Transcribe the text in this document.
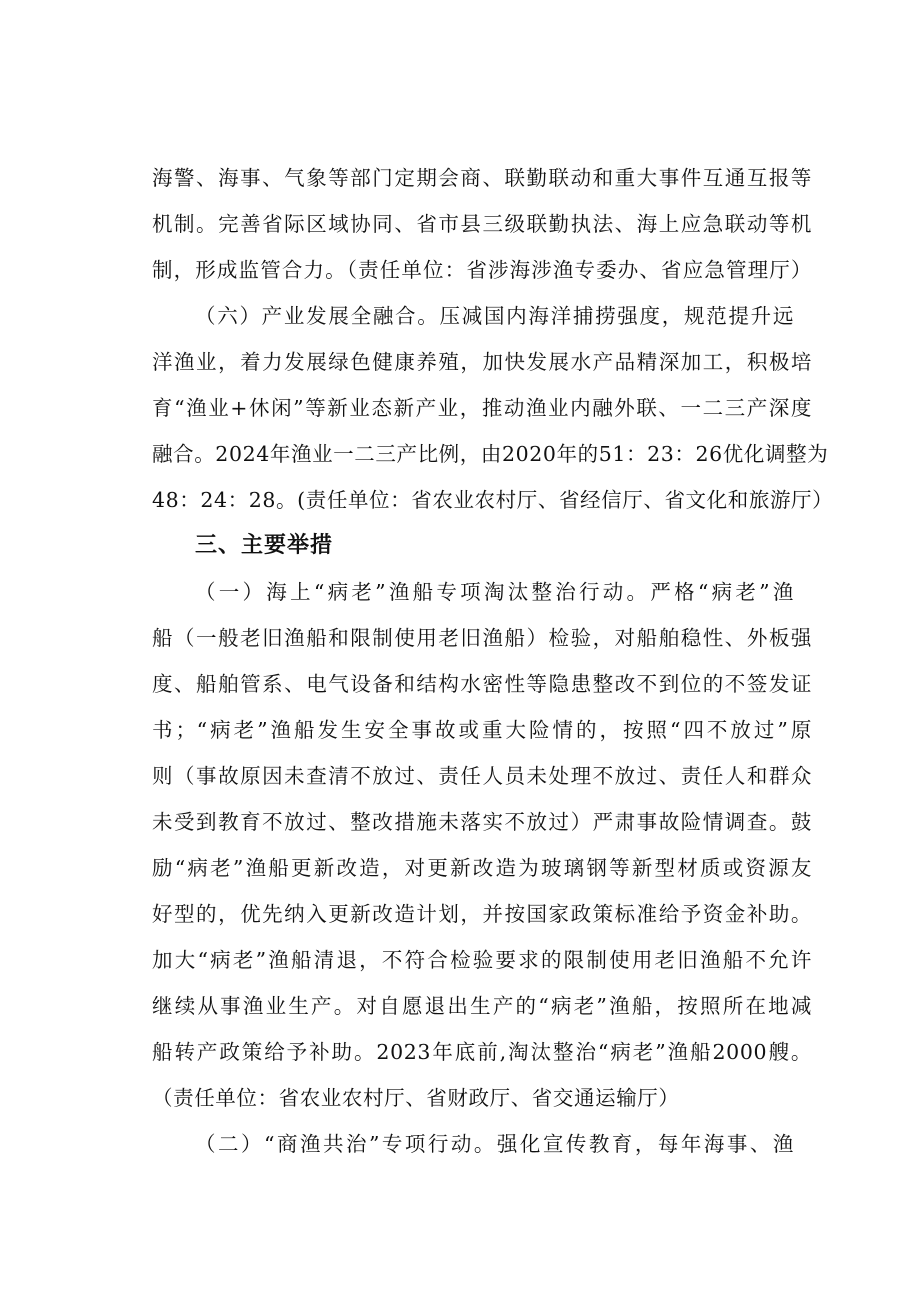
海警、海事、气象等部门定期会商、联勤联动和重大事件互通互报等
机制。完善省际区域协同、省市县三级联勤执法、海上应急联动等机
制，形成监管合力。（责任单位：省涉海涉渔专委办、省应急管理厅）
（六）产业发展全融合。压减国内海洋捕捞强度，规范提升远
洋渔业，着力发展绿色健康养殖，加快发展水产品精深加工，积极培
育“渔业+休闲”等新业态新产业，推动渔业内融外联、一二三产深度
融合。2024年渔业一二三产比例，由2020年的51：23：26优化调整为
48：24：28。(责任单位：省农业农村厅、省经信厅、省文化和旅游厅）
三、主要举措
（一）海上“病老”渔船专项淘汰整治行动。严格“病老”渔
船（一般老旧渔船和限制使用老旧渔船）检验，对船舶稳性、外板强
度、船舶管系、电气设备和结构水密性等隐患整改不到位的不签发证
书；“病老”渔船发生安全事故或重大险情的，按照“四不放过”原
则（事故原因未查清不放过、责任人员未处理不放过、责任人和群众
未受到教育不放过、整改措施未落实不放过）严肃事故险情调查。鼓
励“病老”渔船更新改造，对更新改造为玻璃钢等新型材质或资源友
好型的，优先纳入更新改造计划，并按国家政策标准给予资金补助。
加大“病老”渔船清退，不符合检验要求的限制使用老旧渔船不允许
继续从事渔业生产。对自愿退出生产的“病老”渔船，按照所在地减
船转产政策给予补助。2023年底前,淘汰整治“病老”渔船2000艘。
（责任单位：省农业农村厅、省财政厅、省交通运输厅）
（二）“商渔共治”专项行动。强化宣传教育，每年海事、渔
